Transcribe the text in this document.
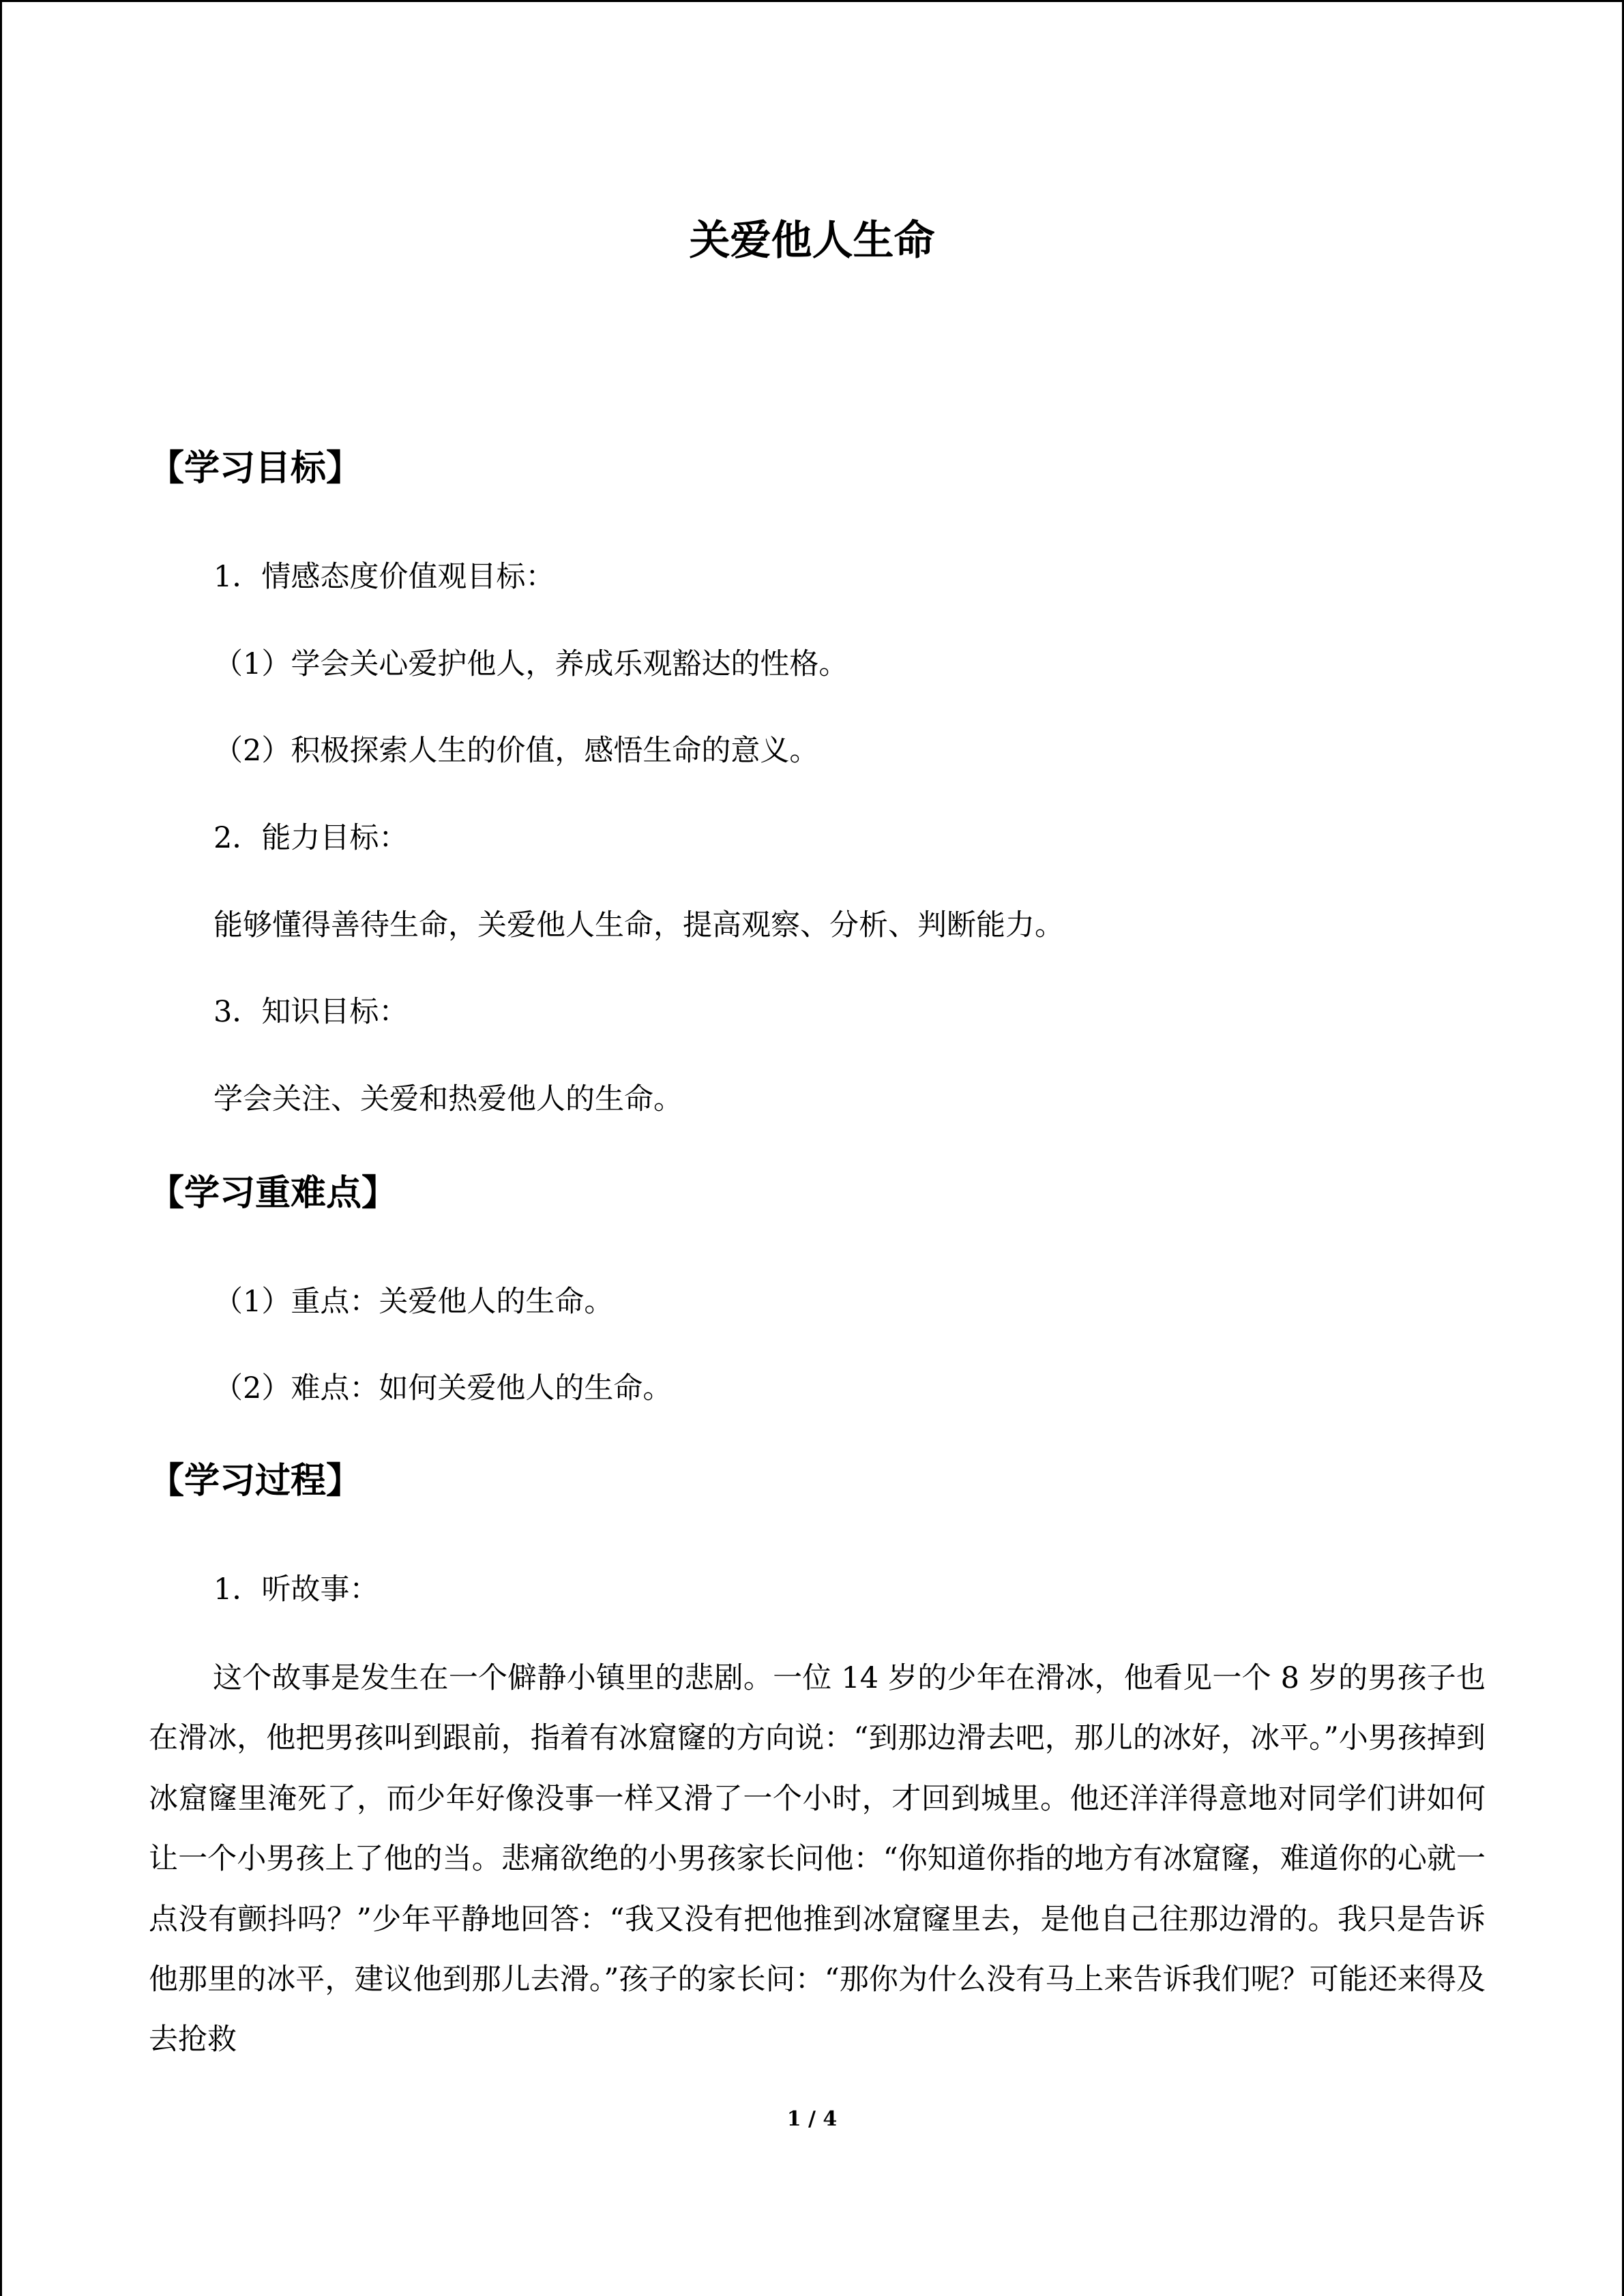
关爱他人生命
【学习目标】
1．情感态度价值观目标：
（1）学会关心爱护他人，养成乐观豁达的性格。
（2）积极探索人生的价值，感悟生命的意义。
2．能力目标：
能够懂得善待生命，关爱他人生命，提高观察、分析、判断能力。
3．知识目标：
学会关注、关爱和热爱他人的生命。
【学习重难点】
（1）重点：关爱他人的生命。
（2）难点：如何关爱他人的生命。
【学习过程】
1．听故事：
这个故事是发生在一个僻静小镇里的悲剧。一位 14 岁的少年在滑冰，他看见一个 8 岁的男孩子也在滑冰，他把男孩叫到跟前，指着有冰窟窿的方向说：“到那边滑去吧，那儿的冰好，冰平。”小男孩掉到冰窟窿里淹死了，而少年好像没事一样又滑了一个小时，才回到城里。他还洋洋得意地对同学们讲如何让一个小男孩上了他的当。悲痛欲绝的小男孩家长问他：“你知道你指的地方有冰窟窿，难道你的心就一点没有颤抖吗？”少年平静地回答：“我又没有把他推到冰窟窿里去，是他自己往那边滑的。我只是告诉他那里的冰平，建议他到那儿去滑。”孩子的家长问：“那你为什么没有马上来告诉我们呢？可能还来得及去抢救
1 / 4
